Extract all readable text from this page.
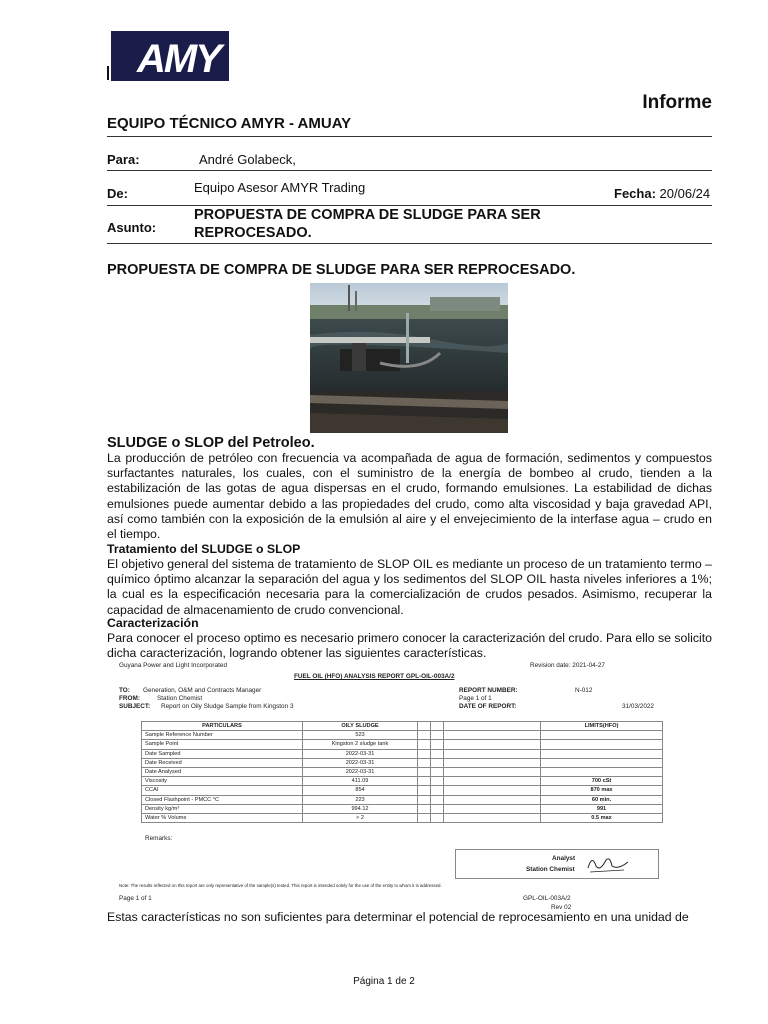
AMY
Informe
EQUIPO TÉCNICO AMYR - AMUAY
Para:	André Golabeck,
De:	Equipo Asesor AMYR Trading	Fecha: 20/06/24
Asunto:
PROPUESTA DE COMPRA DE SLUDGE PARA SER REPROCESADO.
PROPUESTA DE COMPRA DE SLUDGE PARA SER REPROCESADO.
SLUDGE o SLOP del Petroleo.
La producción de petróleo con frecuencia va acompañada de agua de formación, sedimentos y compuestos surfactantes naturales, los cuales, con el suministro de la energía de bombeo al crudo, tienden a la estabilización de las gotas de agua dispersas en el crudo, formando emulsiones. La estabilidad de dichas emulsiones puede aumentar debido a las propiedades del crudo, como alta viscosidad y baja gravedad API, así como también con la exposición de la emulsión al aire y el envejecimiento de la interfase agua – crudo en el tiempo.
Tratamiento del SLUDGE o SLOP
El objetivo general del sistema de tratamiento de SLOP OIL es mediante un proceso de un tratamiento termo – químico óptimo alcanzar la separación del agua y los sedimentos del SLOP OIL hasta niveles inferiores a 1%; la cual es la especificación necesaria para la comercialización de crudos pesados. Asimismo, recuperar la capacidad de almacenamiento de crudo convencional.
Caracterización
Para conocer el proceso optimo es necesario primero conocer la caracterización del crudo. Para ello se solicito dicha caracterización, logrando obtener las siguientes características.
Guyana Power and Light Incorporated	Revision date: 2021-04-27
FUEL OIL (HFO) ANALYSIS REPORT GPL-OIL-003A/2
TO: Generation, O&M and Contracts Manager
FROM:	Station Chemist
SUBJECT: Report on Oily Sludge Sample from Kingston 3
REPORT NUMBER:	N-012
Page 1 of 1
DATE OF REPORT:	31/03/2022
PARTICULARS	OILY SLUDGE				LIMITS(HFO)
Sample Reference Number	523				
Sample Point	Kingston 2 sludge tank				
Date Sampled	2022-03-31				
Date Received	2022-03-31				
Date Analysed	2022-03-31				
Viscosity	411.09				700 cSt
CCAI	854				870 max
Closed Flashpoint - PMCC °C	223				60 min.
Density kg/m³	994.12				991
Water % Volume	> 2				0.5 max
Remarks:
Analyst
Station Chemist
Note: The results reflected on this report are only representative of the sample(s) tested. This report is intended solely for the use of the entity to whom it is addressed.
Page 1 of 1	GPL-OIL-003A/2
Rev 02
Estas características no son suficientes para determinar el potencial de reprocesamiento en una unidad de
Página 1 de 2
